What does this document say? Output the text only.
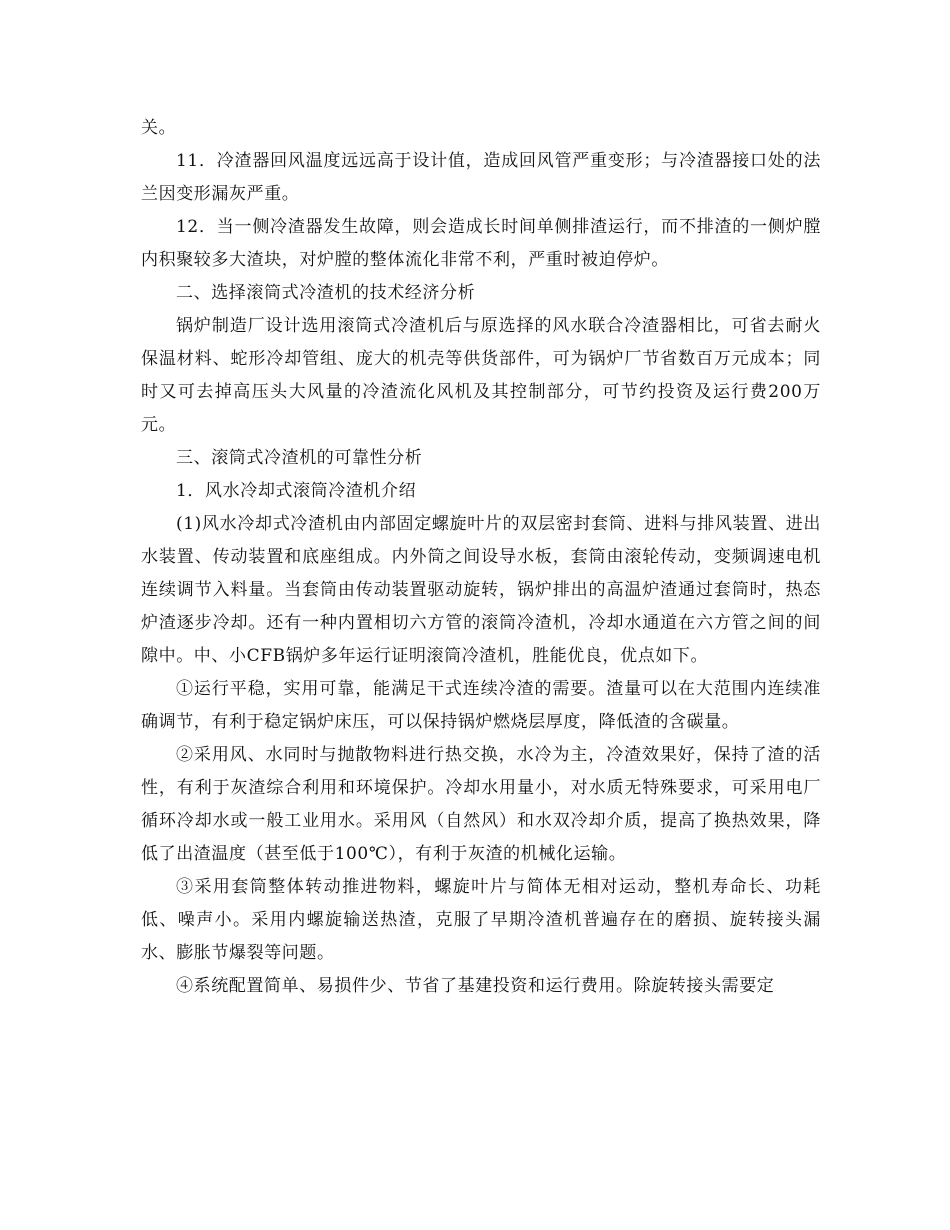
关。

11．冷渣器回风温度远远高于设计值，造成回风管严重变形；与冷渣器接口处的法兰因变形漏灰严重。

12．当一侧冷渣器发生故障，则会造成长时间单侧排渣运行，而不排渣的一侧炉膛内积聚较多大渣块，对炉膛的整体流化非常不利，严重时被迫停炉。

二、选择滚筒式冷渣机的技术经济分析

锅炉制造厂设计选用滚筒式冷渣机后与原选择的风水联合冷渣器相比，可省去耐火保温材料、蛇形冷却管组、庞大的机壳等供货部件，可为锅炉厂节省数百万元成本；同时又可去掉高压头大风量的冷渣流化风机及其控制部分，可节约投资及运行费200万元。

三、滚筒式冷渣机的可靠性分析

1．风水冷却式滚筒冷渣机介绍

(1)风水冷却式冷渣机由内部固定螺旋叶片的双层密封套筒、进料与排风装置、进出水装置、传动装置和底座组成。内外筒之间设导水板，套筒由滚轮传动，变频调速电机连续调节入料量。当套筒由传动装置驱动旋转，锅炉排出的高温炉渣通过套筒时，热态炉渣逐步冷却。还有一种内置相切六方管的滚筒冷渣机，冷却水通道在六方管之间的间隙中。中、小CFB锅炉多年运行证明滚筒冷渣机，胜能优良，优点如下。

①运行平稳，实用可靠，能满足干式连续冷渣的需要。渣量可以在大范围内连续准确调节，有利于稳定锅炉床压，可以保持锅炉燃烧层厚度，降低渣的含碳量。

②采用风、水同时与抛散物料进行热交换，水冷为主，冷渣效果好，保持了渣的活性，有利于灰渣综合利用和环境保护。冷却水用量小，对水质无特殊要求，可采用电厂循环冷却水或一般工业用水。采用风（自然风）和水双冷却介质，提高了换热效果，降低了出渣温度（甚至低于100℃），有利于灰渣的机械化运输。

③采用套筒整体转动推进物料，螺旋叶片与简体无相对运动，整机寿命长、功耗低、噪声小。采用内螺旋输送热渣，克服了早期冷渣机普遍存在的磨损、旋转接头漏水、膨胀节爆裂等问题。

④系统配置简单、易损件少、节省了基建投资和运行费用。除旋转接头需要定
